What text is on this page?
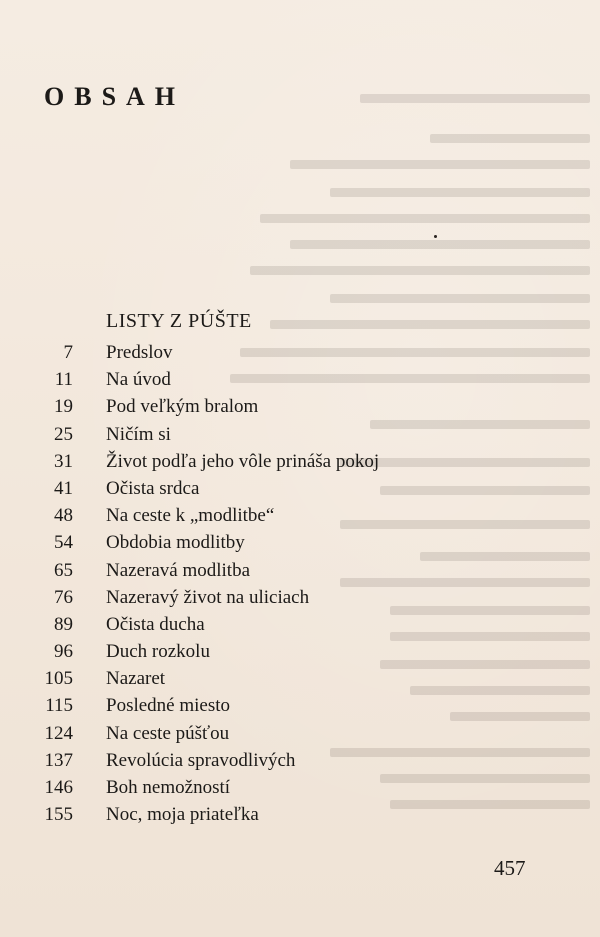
OBSAH
LISTY Z PÚŠTE
7 Predslov
11 Na úvod
19 Pod veľkým bralom
25 Ničím si
31 Život podľa jeho vôle prináša pokoj
41 Očista srdca
48 Na ceste k „modlitbe“
54 Obdobia modlitby
65 Nazeravá modlitba
76 Nazeravý život na uliciach
89 Očista ducha
96 Duch rozkolu
105 Nazaret
115 Posledné miesto
124 Na ceste púšťou
137 Revolúcia spravodlivých
146 Boh nemožností
155 Noc, moja priateľka
457
